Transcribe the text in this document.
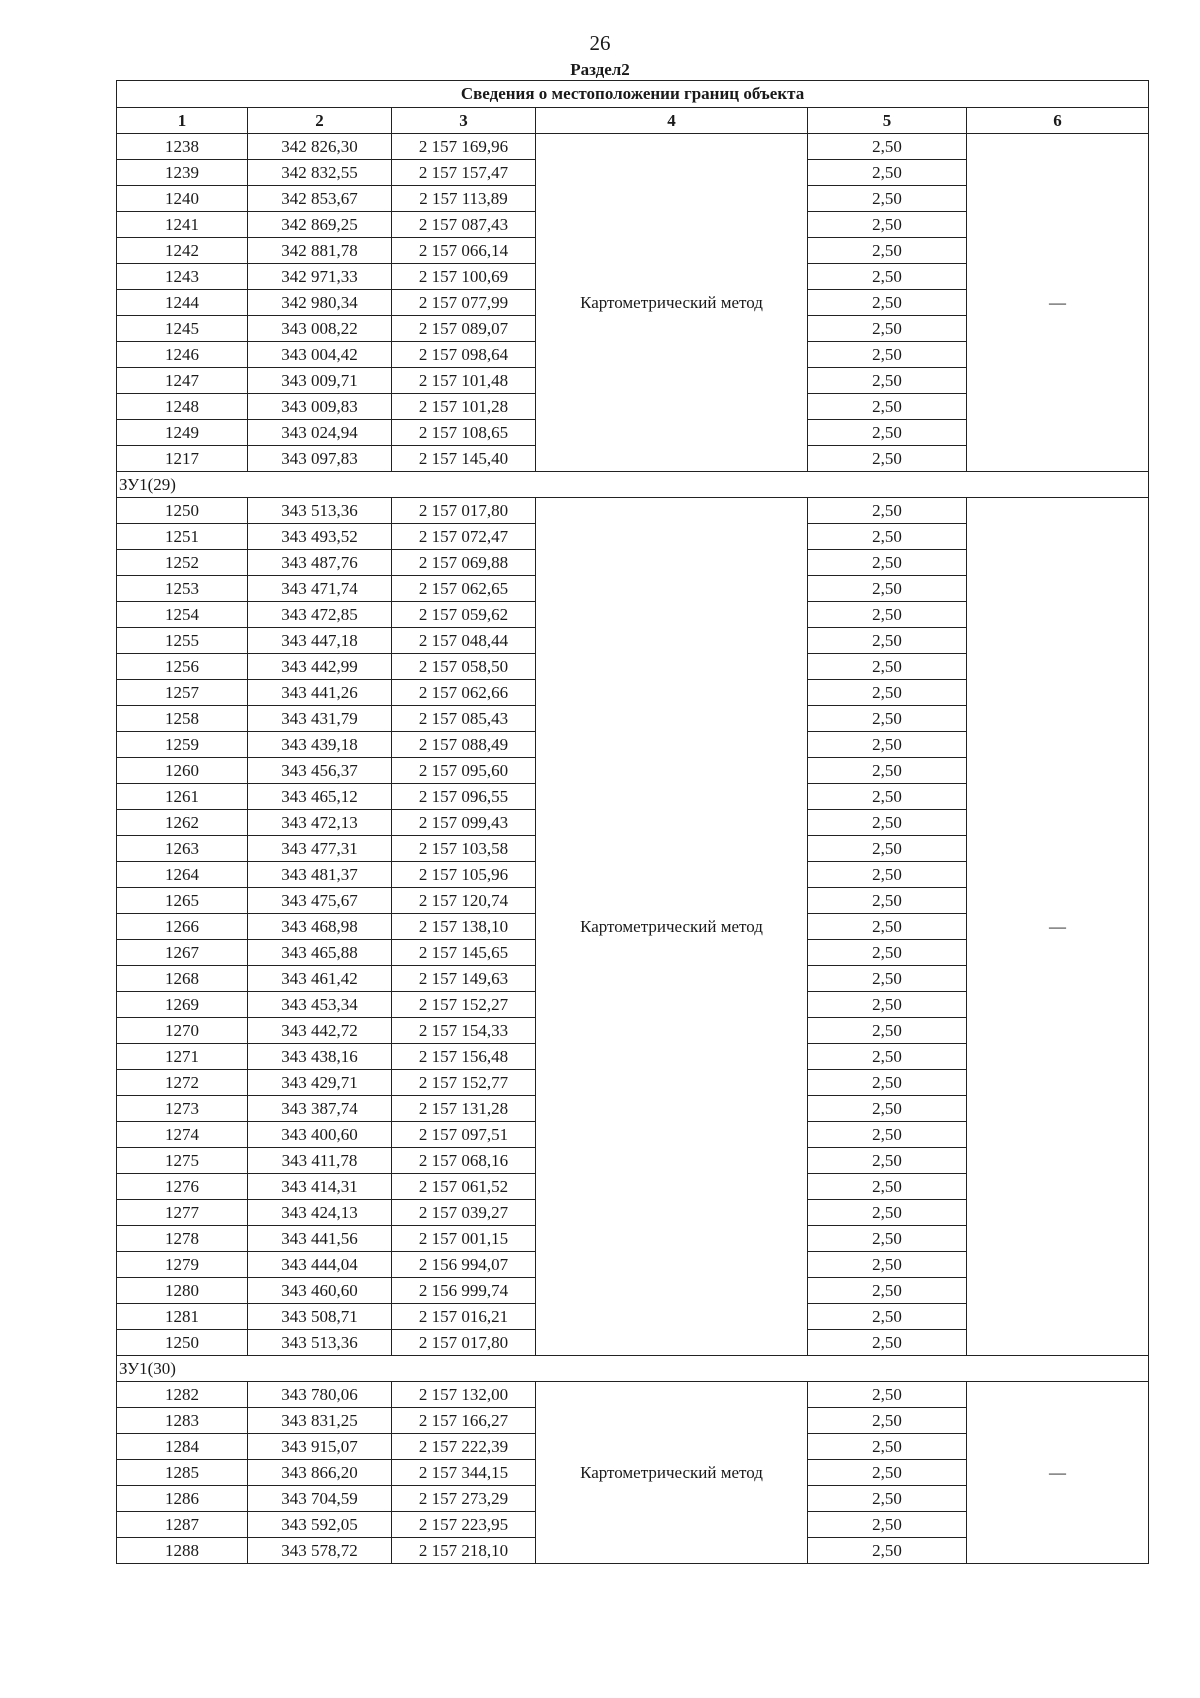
26
Раздел2
Сведения о местоположении границ объекта					
1	2	3	4	5	6
1238	342 826,30	2 157 169,96	Картометрический метод	2,50	—
1239	342 832,55	2 157 157,47		2,50	
1240	342 853,67	2 157 113,89		2,50	
1241	342 869,25	2 157 087,43		2,50	
1242	342 881,78	2 157 066,14		2,50	
1243	342 971,33	2 157 100,69		2,50	
1244	342 980,34	2 157 077,99		2,50	
1245	343 008,22	2 157 089,07		2,50	
1246	343 004,42	2 157 098,64		2,50	
1247	343 009,71	2 157 101,48		2,50	
1248	343 009,83	2 157 101,28		2,50	
1249	343 024,94	2 157 108,65		2,50	
1217	343 097,83	2 157 145,40		2,50	
ЗУ1(29)					
1250	343 513,36	2 157 017,80	Картометрический метод	2,50	—
1251	343 493,52	2 157 072,47		2,50	
1252	343 487,76	2 157 069,88		2,50	
1253	343 471,74	2 157 062,65		2,50	
1254	343 472,85	2 157 059,62		2,50	
1255	343 447,18	2 157 048,44		2,50	
1256	343 442,99	2 157 058,50		2,50	
1257	343 441,26	2 157 062,66		2,50	
1258	343 431,79	2 157 085,43		2,50	
1259	343 439,18	2 157 088,49		2,50	
1260	343 456,37	2 157 095,60		2,50	
1261	343 465,12	2 157 096,55		2,50	
1262	343 472,13	2 157 099,43		2,50	
1263	343 477,31	2 157 103,58		2,50	
1264	343 481,37	2 157 105,96		2,50	
1265	343 475,67	2 157 120,74		2,50	
1266	343 468,98	2 157 138,10		2,50	
1267	343 465,88	2 157 145,65		2,50	
1268	343 461,42	2 157 149,63		2,50	
1269	343 453,34	2 157 152,27		2,50	
1270	343 442,72	2 157 154,33		2,50	
1271	343 438,16	2 157 156,48		2,50	
1272	343 429,71	2 157 152,77		2,50	
1273	343 387,74	2 157 131,28		2,50	
1274	343 400,60	2 157 097,51		2,50	
1275	343 411,78	2 157 068,16		2,50	
1276	343 414,31	2 157 061,52		2,50	
1277	343 424,13	2 157 039,27		2,50	
1278	343 441,56	2 157 001,15		2,50	
1279	343 444,04	2 156 994,07		2,50	
1280	343 460,60	2 156 999,74		2,50	
1281	343 508,71	2 157 016,21		2,50	
1250	343 513,36	2 157 017,80		2,50	
ЗУ1(30)					
1282	343 780,06	2 157 132,00	Картометрический метод	2,50	—
1283	343 831,25	2 157 166,27		2,50	
1284	343 915,07	2 157 222,39		2,50	
1285	343 866,20	2 157 344,15		2,50	
1286	343 704,59	2 157 273,29		2,50	
1287	343 592,05	2 157 223,95		2,50	
1288	343 578,72	2 157 218,10		2,50	
